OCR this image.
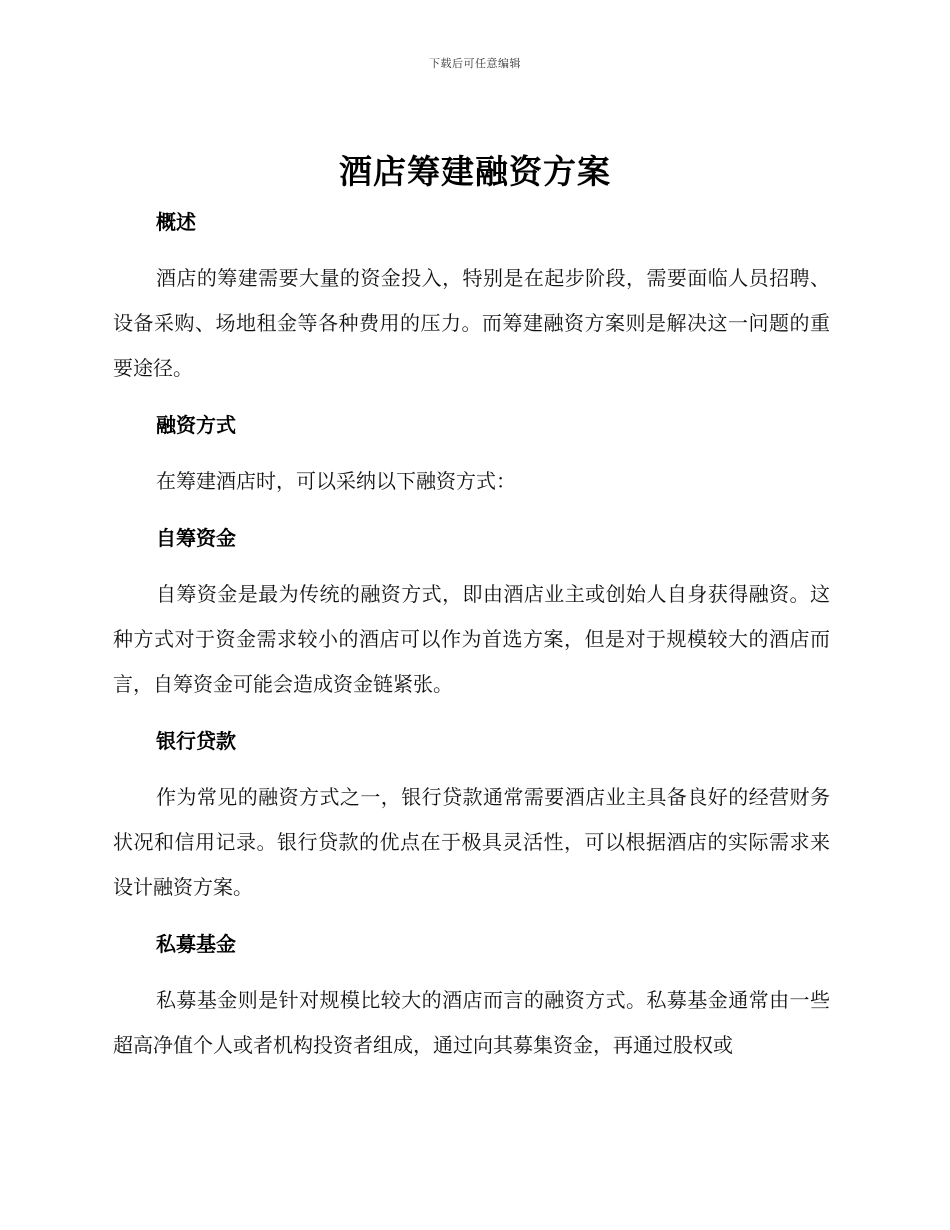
下载后可任意编辑
酒店筹建融资方案
概述

酒店的筹建需要大量的资金投入，特别是在起步阶段，需要面临人员招聘、设备采购、场地租金等各种费用的压力。而筹建融资方案则是解决这一问题的重要途径。

融资方式

在筹建酒店时，可以采纳以下融资方式：

自筹资金

自筹资金是最为传统的融资方式，即由酒店业主或创始人自身获得融资。这种方式对于资金需求较小的酒店可以作为首选方案，但是对于规模较大的酒店而言，自筹资金可能会造成资金链紧张。

银行贷款

作为常见的融资方式之一，银行贷款通常需要酒店业主具备良好的经营财务状况和信用记录。银行贷款的优点在于极具灵活性，可以根据酒店的实际需求来设计融资方案。

私募基金

私募基金则是针对规模比较大的酒店而言的融资方式。私募基金通常由一些超高净值个人或者机构投资者组成，通过向其募集资金，再通过股权或
